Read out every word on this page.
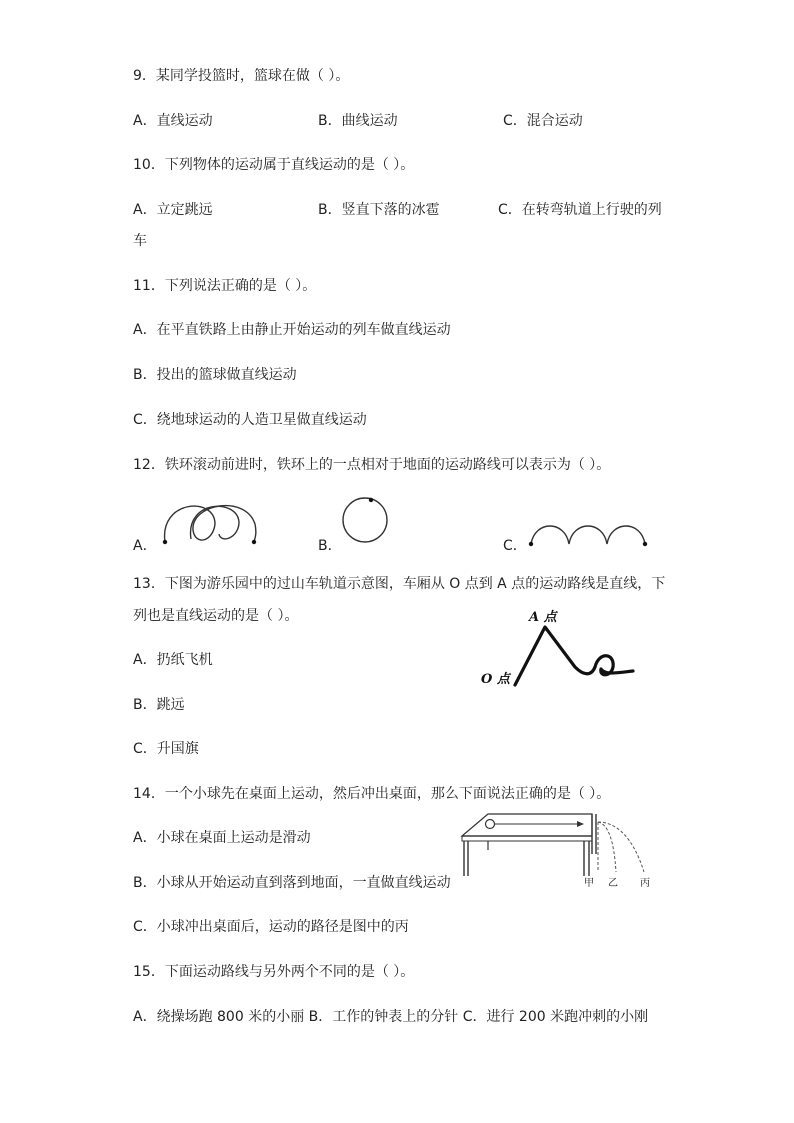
9．某同学投篮时，篮球在做（ ）。
A．直线运动	B．曲线运动	C．混合运动
10．下列物体的运动属于直线运动的是（ ）。
A．立定跳远	B．竖直下落的冰雹	C．在转弯轨道上行驶的列
车
11．下列说法正确的是（ ）。
A．在平直铁路上由静止开始运动的列车做直线运动
B．投出的篮球做直线运动
C．绕地球运动的人造卫星做直线运动
12．铁环滚动前进时，铁环上的一点相对于地面的运动路线可以表示为（ ）。
A．	B．	C．
13．下图为游乐园中的过山车轨道示意图，车厢从 O 点到 A 点的运动路线是直线，下
列也是直线运动的是（ ）。
A．扔纸飞机
B．跳远
C．升国旗
A 点
O 点
14．一个小球先在桌面上运动，然后冲出桌面，那么下面说法正确的是（ ）。
A．小球在桌面上运动是滑动
B．小球从开始运动直到落到地面，一直做直线运动
C．小球冲出桌面后，运动的路径是图中的丙
甲 乙 丙
15．下面运动路线与另外两个不同的是（ ）。
A．绕操场跑 800 米的小丽 B．工作的钟表上的分针 C．进行 200 米跑冲刺的小刚
